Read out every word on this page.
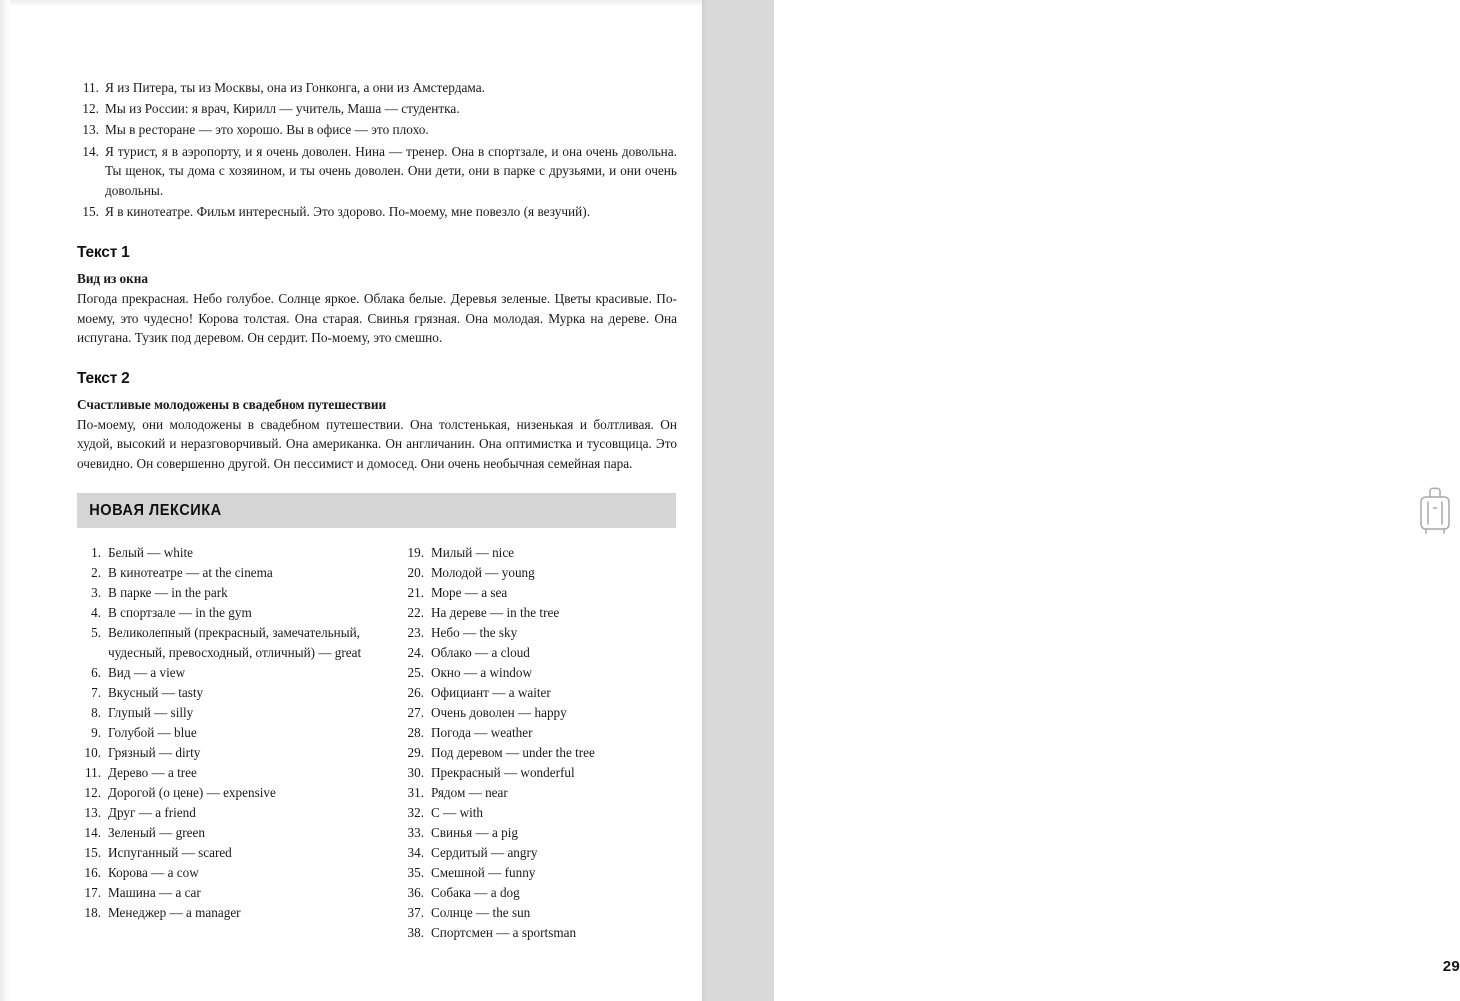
29
11. Я из Питера, ты из Москвы, она из Гонконга, а они из Амстердама.
12. Мы из России: я врач, Кирилл — учитель, Маша — студентка.
13. Мы в ресторане — это хорошо. Вы в офисе — это плохо.
14. Я турист, я в аэропорту, и я очень доволен. Нина — тренер. Она в спортзале, и она очень довольна. Ты щенок, ты дома с хозяином, и ты очень доволен. Они дети, они в парке с друзьями, и они очень довольны.
15. Я в кинотеатре. Фильм интересный. Это здорово. По-моему, мне повезло (я везучий).
Текст 1
Вид из окна

Погода прекрасная. Небо голубое. Солнце яркое. Облака белые. Деревья зеленые. Цветы красивые. По-моему, это чудесно! Корова толстая. Она старая. Свинья грязная. Она молодая. Мурка на дереве. Она испугана. Тузик под деревом. Он сердит. По-моему, это смешно.

Текст 2
Счастливые молодожены в свадебном путешествии

По-моему, они молодожены в свадебном путешествии. Она толстенькая, низенькая и болтливая. Он худой, высокий и неразговорчивый. Она американка. Он англичанин. Она оптимистка и тусовщица. Это очевидно. Он совершенно другой. Он пессимист и домосед. Они очень необычная семейная пара.

НОВАЯ ЛЕКСИКА
1. Белый — white
2. В кинотеатре — at the cinema
3. В парке — in the park
4. В спортзале — in the gym
5. Великолепный (прекрасный, замечательный, чудесный, превосходный, отличный) — great
6. Вид — a view
7. Вкусный — tasty
8. Глупый — silly
9. Голубой — blue
10. Грязный — dirty
11. Дерево — a tree
12. Дорогой (о цене) — expensive
13. Друг — a friend
14. Зеленый — green
15. Испуганный — scared
16. Корова — a cow
17. Машина — a car
18. Менеджер — a manager
19. Милый — nice
20. Молодой — young
21. Море — a sea
22. На дереве — in the tree
23. Небо — the sky
24. Облако — a cloud
25. Окно — a window
26. Официант — a waiter
27. Очень доволен — happy
28. Погода — weather
29. Под деревом — under the tree
30. Прекрасный — wonderful
31. Рядом — near
32. С — with
33. Свинья — a pig
34. Сердитый — angry
35. Смешной — funny
36. Собака — a dog
37. Солнце — the sun
38. Спортсмен — a sportsman
